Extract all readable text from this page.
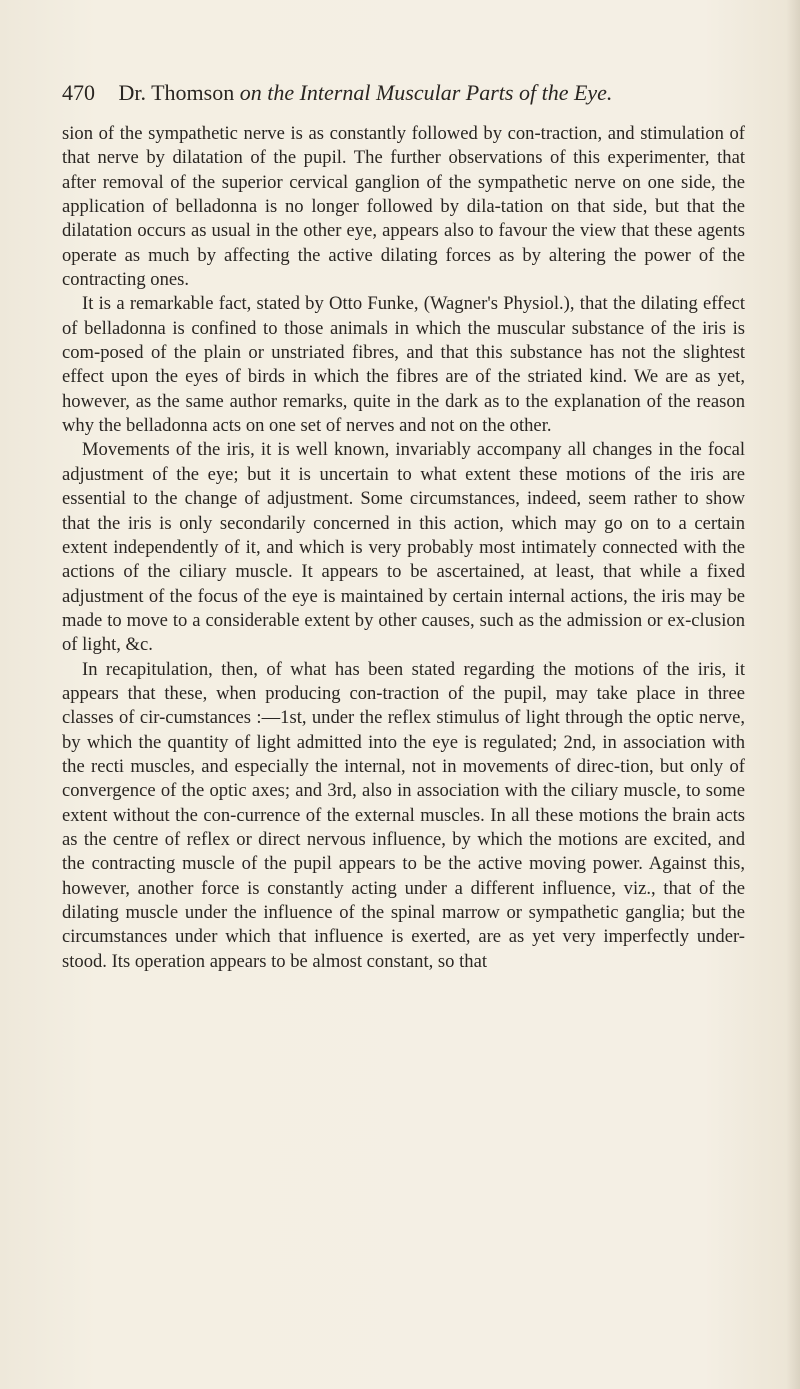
470 Dr. Thomson on the Internal Muscular Parts of the Eye.

sion of the sympathetic nerve is as constantly followed by con-traction, and stimulation of that nerve by dilatation of the pupil. The further observations of this experimenter, that after removal of the superior cervical ganglion of the sympathetic nerve on one side, the application of belladonna is no longer followed by dila-tation on that side, but that the dilatation occurs as usual in the other eye, appears also to favour the view that these agents operate as much by affecting the active dilating forces as by altering the power of the contracting ones.

It is a remarkable fact, stated by Otto Funke, (Wagner's Physiol.), that the dilating effect of belladonna is confined to those animals in which the muscular substance of the iris is com-posed of the plain or unstriated fibres, and that this substance has not the slightest effect upon the eyes of birds in which the fibres are of the striated kind. We are as yet, however, as the same author remarks, quite in the dark as to the explanation of the reason why the belladonna acts on one set of nerves and not on the other.

Movements of the iris, it is well known, invariably accompany all changes in the focal adjustment of the eye; but it is uncertain to what extent these motions of the iris are essential to the change of adjustment. Some circumstances, indeed, seem rather to show that the iris is only secondarily concerned in this action, which may go on to a certain extent independently of it, and which is very probably most intimately connected with the actions of the ciliary muscle. It appears to be ascertained, at least, that while a fixed adjustment of the focus of the eye is maintained by certain internal actions, the iris may be made to move to a considerable extent by other causes, such as the admission or ex-clusion of light, &c.

In recapitulation, then, of what has been stated regarding the motions of the iris, it appears that these, when producing con-traction of the pupil, may take place in three classes of cir-cumstances :—1st, under the reflex stimulus of light through the optic nerve, by which the quantity of light admitted into the eye is regulated; 2nd, in association with the recti muscles, and especially the internal, not in movements of direc-tion, but only of convergence of the optic axes; and 3rd, also in association with the ciliary muscle, to some extent without the con-currence of the external muscles. In all these motions the brain acts as the centre of reflex or direct nervous influence, by which the motions are excited, and the contracting muscle of the pupil appears to be the active moving power. Against this, however, another force is constantly acting under a different influence, viz., that of the dilating muscle under the influence of the spinal marrow or sympathetic ganglia; but the circumstances under which that influence is exerted, are as yet very imperfectly under-stood. Its operation appears to be almost constant, so that
